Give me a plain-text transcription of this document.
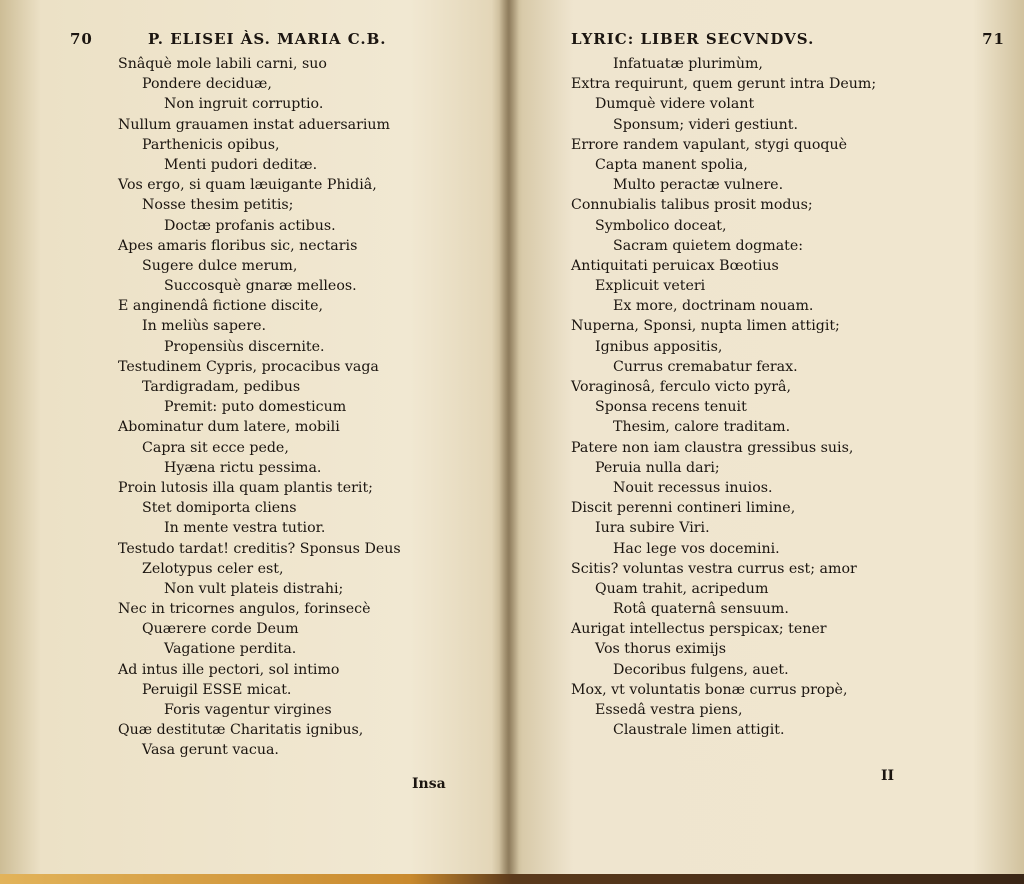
70	P. ELISEI ÀS. MARIA C.B.
Snâquè mole labili carni, suo
Pondere deciduæ,
Non ingruit corruptio.
Nullum grauamen instat aduersarium
Parthenicis opibus,
Menti pudori deditæ.
Vos ergo, si quam læuigante Phidiâ,
Nosse thesim petitis;
Doctæ profanis actibus.
Apes amaris floribus sic, nectaris
Sugere dulce merum,
Succosquè gnaræ melleos.
E anginendâ fictione discite,
In meliùs sapere.
Propensiùs discernite.
Testudinem Cypris, procacibus vaga
Tardigradam, pedibus
Premit: puto domesticum
Abominatur dum latere, mobili
Capra sit ecce pede,
Hyæna rictu pessima.
Proin lutosis illa quam plantis terit;
Stet domiporta cliens
In mente vestra tutior.
Testudo tardat! creditis? Sponsus Deus
Zelotypus celer est,
Non vult plateis distrahi;
Nec in tricornes angulos, forinsecè
Quærere corde Deum
Vagatione perdita.
Ad intus ille pectori, sol intimo
Peruigil ESSE micat.
Foris vagentur virgines
Quæ destitutæ Charitatis ignibus,
Vasa gerunt vacua.
Insa
LYRIC: LIBER SECVNDVS.	71
Infatuatæ plurimùm,
Extra requirunt, quem gerunt intra Deum;
Dumquè videre volant
Sponsum; videri gestiunt.
Errore randem vapulant, stygi quoquè
Capta manent spolia,
Multo peractæ vulnere.
Connubialis talibus prosit modus;
Symbolico doceat,
Sacram quietem dogmate:
Antiquitati peruicax Bœotius
Explicuit veteri
Ex more, doctrinam nouam.
Nuperna, Sponsi, nupta limen attigit;
Ignibus appositis,
Currus cremabatur ferax.
Voraginosâ, ferculo victo pyrâ,
Sponsa recens tenuit
Thesim, calore traditam.
Patere non iam claustra gressibus suis,
Peruia nulla dari;
Nouit recessus inuios.
Discit perenni contineri limine,
Iura subire Viri.
Hac lege vos docemini.
Scitis? voluntas vestra currus est; amor
Quam trahit, acripedum
Rotâ quaternâ sensuum.
Aurigat intellectus perspicax; tener
Vos thorus eximijs
Decoribus fulgens, auet.
Mox, vt voluntatis bonæ currus propè,
Essedâ vestra piens,
Claustrale limen attigit.
II
